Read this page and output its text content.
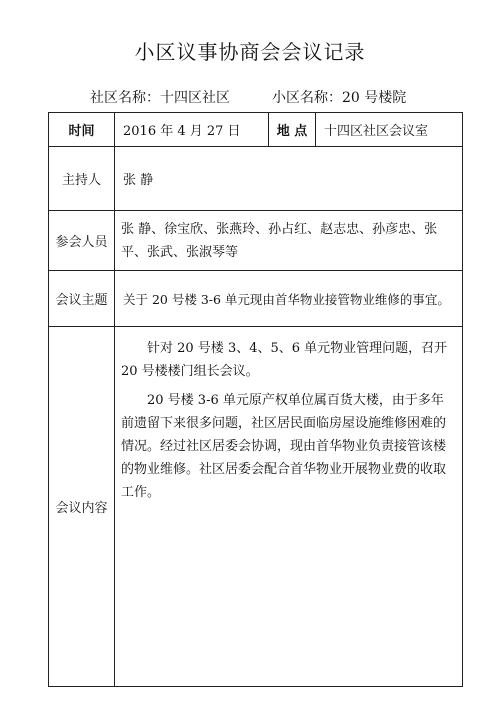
小区议事协商会会议记录
社区名称：十四区社区	小区名称：20 号楼院
时间	2016 年 4 月 27 日	地 点	十四区社区会议室
主持人	张 静		
参会人员	张 静、徐宝欣、张燕玲、孙占红、赵志忠、孙彦忠、张 平、张武、张淑琴等		
会议主题	关于 20 号楼 3-6 单元现由首华物业接管物业维修的事宜。		
会议内容	针对 20 号楼 3、4、5、6 单元物业管理问题，召开 20 号楼楼门组长会议。

20 号楼 3-6 单元原产权单位属百货大楼，由于多年前遗留下来很多问题，社区居民面临房屋设施维修困难的情况。经过社区居委会协调，现由首华物业负责接管该楼的物业维修。社区居委会配合首华物业开展物业费的收取工作。		
